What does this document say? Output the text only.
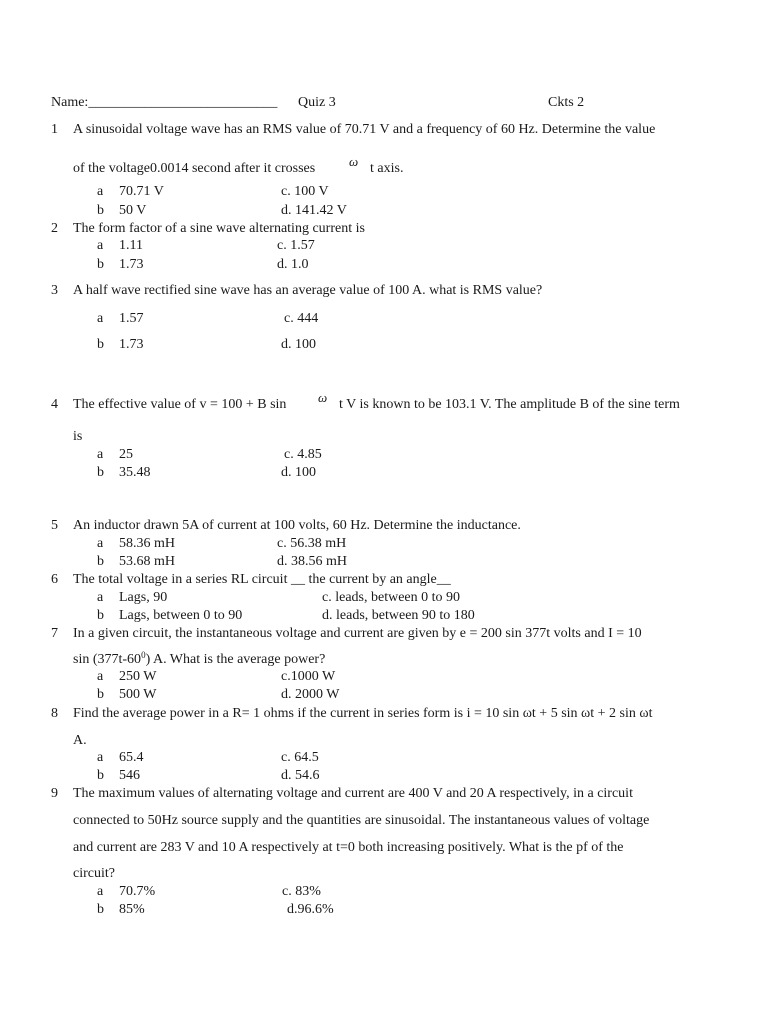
Name:___________________________ Quiz 3	Ckts 2
1 A sinusoidal voltage wave has an RMS value of 70.71 V and a frequency of 60 Hz. Determine the value
of the voltage0.0014 second after it crosses	ω t axis.
a 70.71 V	c. 100 V
b 50 V	d. 141.42 V
2 The form factor of a sine wave alternating current is
a 1.11	c. 1.57
b 1.73	d. 1.0
3 A half wave rectified sine wave has an average value of 100 A. what is RMS value?
a 1.57	c. 444
b 1.73	d. 100
4 The effective value of v = 100 + B sin ω t V is known to be 103.1 V. The amplitude B of the sine term
is
a 25	c. 4.85
b 35.48	d. 100
5 An inductor drawn 5A of current at 100 volts, 60 Hz. Determine the inductance.
a 58.36 mH	c. 56.38 mH
b 53.68 mH	d. 38.56 mH
6 The total voltage in a series RL circuit __ the current by an angle__
a Lags, 90	c. leads, between 0 to 90
b Lags, between 0 to 90	d. leads, between 90 to 180
7 In a given circuit, the instantaneous voltage and current are given by e = 200 sin 377t volts and I = 10
$\sin (377t-60^0)$ A. What is the average power?
a 250 W	c.1000 W
b 500 W	d. 2000 W
8 Find the average power in a R= 1 ohms if the current in series form is i = 10 sin ωt + 5 sin ωt + 2 sin ωt
A.
a 65.4	c. 64.5
b 546	d. 54.6
9 The maximum values of alternating voltage and current are 400 V and 20 A respectively, in a circuit
connected to 50Hz source supply and the quantities are sinusoidal. The instantaneous values of voltage
and current are 283 V and 10 A respectively at t=0 both increasing positively. What is the pf of the
circuit?
a 70.7%	c. 83%
b 85%	d.96.6%
